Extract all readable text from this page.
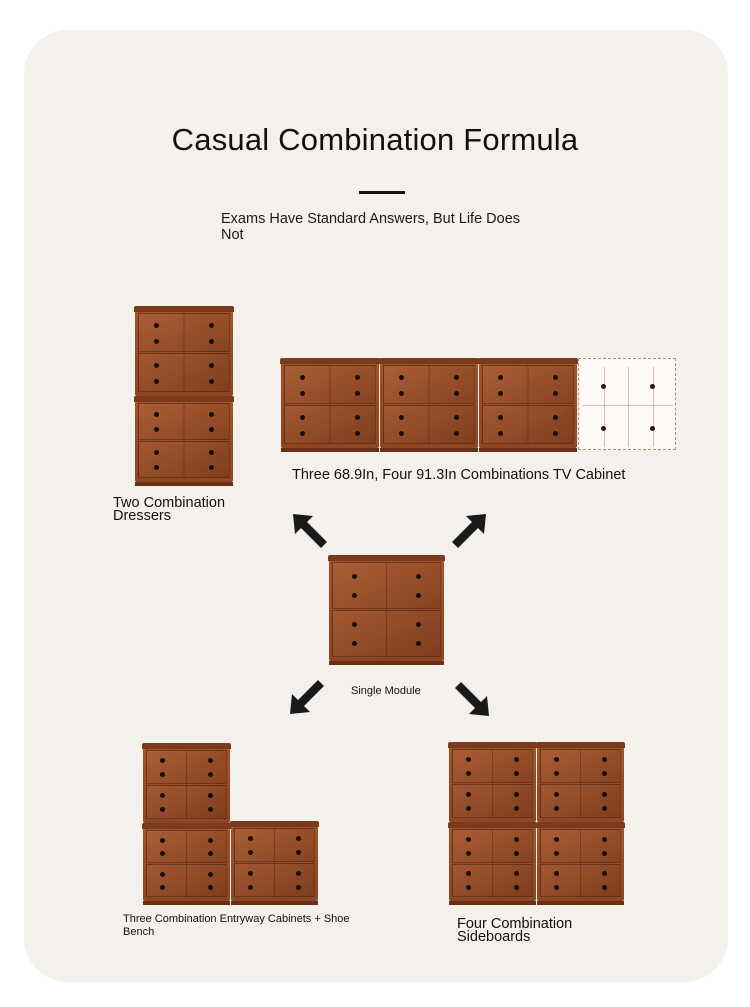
Casual Combination Formula
Exams Have Standard Answers, But Life Does Not
Two Combination Dressers
Three 68.9In, Four 91.3In Combinations TV Cabinet
Single Module
Three Combination Entryway Cabinets + Shoe Bench	Four Combination Sideboards
